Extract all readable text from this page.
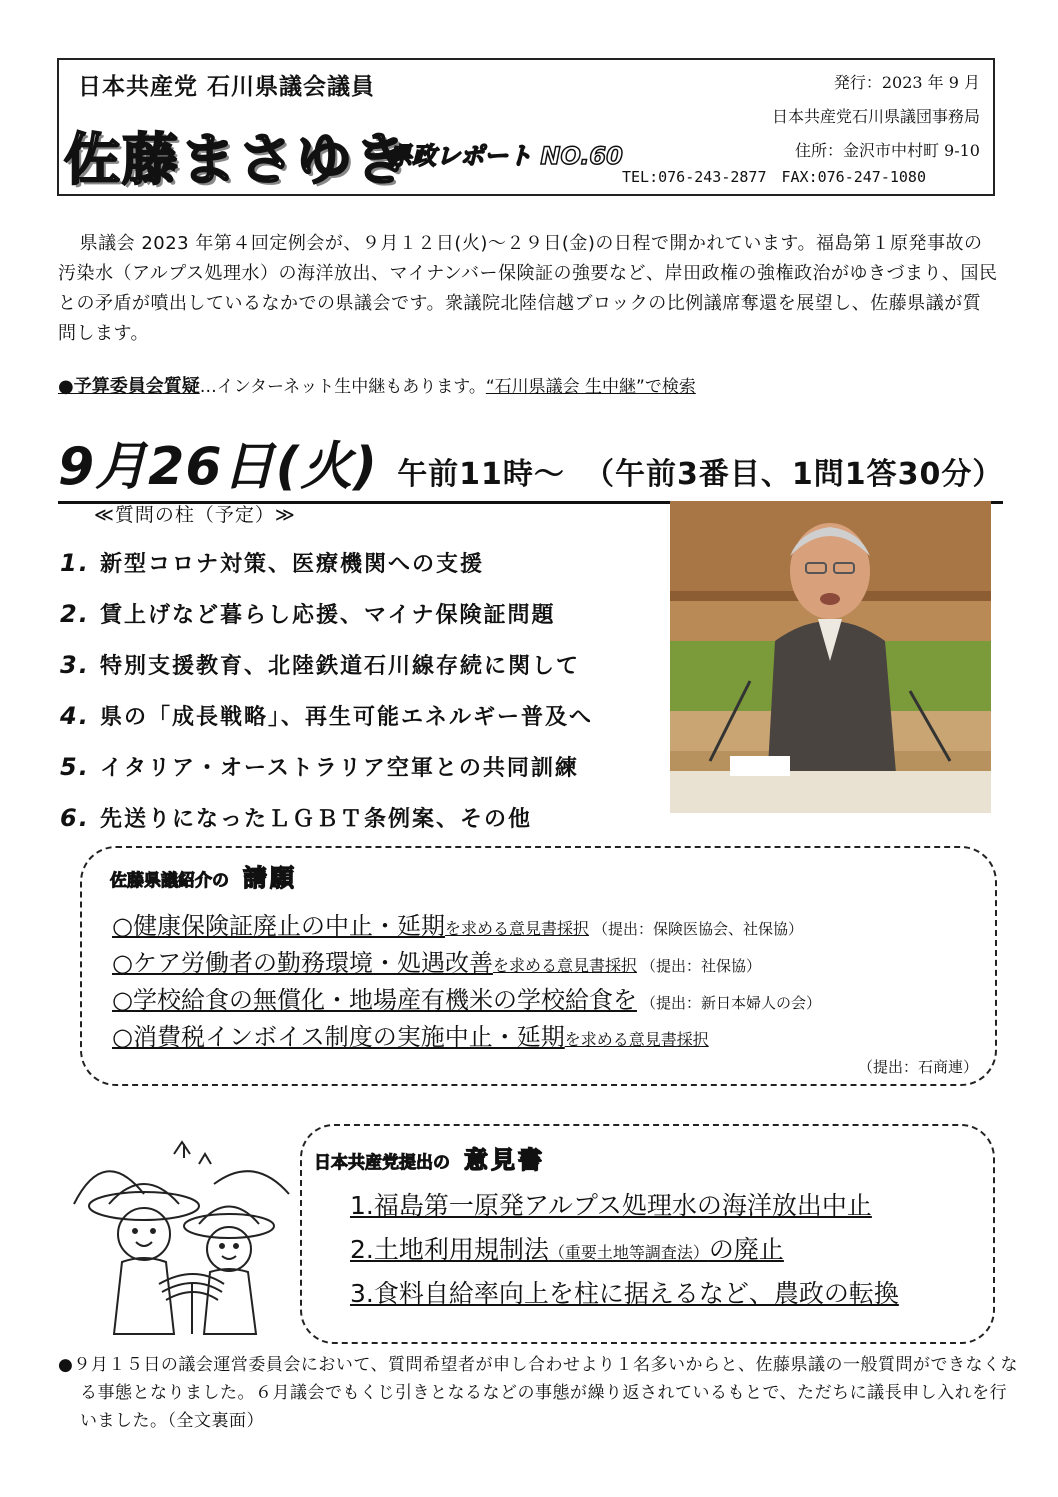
日本共産党 石川県議会議員
佐藤まさゆき
県政レポート NO.60
発行：2023 年 9 月
日本共産党石川県議団事務局
住所：金沢市中村町 9-10
TEL:076-243-2877　FAX:076-247-1080
県議会 2023 年第４回定例会が、９月１２日(火)～２９日(金)の日程で開かれています。福島第１原発事故の汚染水（アルプス処理水）の海洋放出、マイナンバー保険証の強要など、岸田政権の強権政治がゆきづまり、国民との矛盾が噴出しているなかでの県議会です。衆議院北陸信越ブロックの比例議席奪還を展望し、佐藤県議が質問します。
●予算委員会質疑…インターネット生中継もあります。“石川県議会 生中継”で検索
9月26日(火) 午前11時～ （午前3番目、1問1答30分）
≪質問の柱（予定）≫
1. 新型コロナ対策、医療機関への支援
2. 賃上げなど暮らし応援、マイナ保険証問題
3. 特別支援教育、北陸鉄道石川線存続に関して
4. 県の「成長戦略」、再生可能エネルギー普及へ
5. イタリア・オーストラリア空軍との共同訓練
6. 先送りになったＬＧＢＴ条例案、その他
佐藤県議紹介の 請願
○健康保険証廃止の中止・延期を求める意見書採択 （提出：保険医協会、社保協）
○ケア労働者の勤務環境・処遇改善を求める意見書採択 （提出：社保協）
○学校給食の無償化・地場産有機米の学校給食を （提出：新日本婦人の会）
○消費税インボイス制度の実施中止・延期を求める意見書採択
（提出：石商連）
日本共産党提出の 意見書
1.福島第一原発アルプス処理水の海洋放出中止
2.土地利用規制法（重要土地等調査法）の廃止
3.食料自給率向上を柱に据えるなど、農政の転換
●９月１５日の議会運営委員会において、質問希望者が申し合わせより１名多いからと、佐藤県議の一般質問ができなくなる事態となりました。６月議会でもくじ引きとなるなどの事態が繰り返されているもとで、ただちに議長申し入れを行いました。（全文裏面）
